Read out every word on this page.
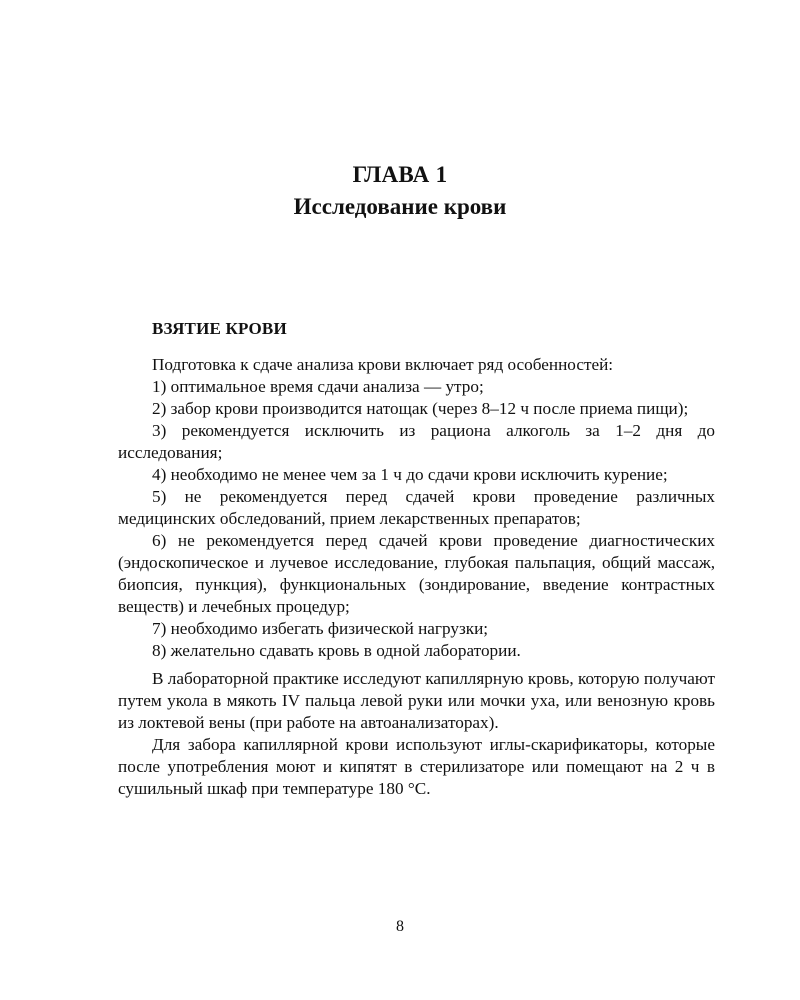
ГЛАВА 1
Исследование крови
ВЗЯТИЕ КРОВИ

Подготовка к сдаче анализа крови включает ряд особенностей:

1) оптимальное время сдачи анализа — утро;

2) забор крови производится натощак (через 8–12 ч после приема пищи);

3) рекомендуется исключить из рациона алкоголь за 1–2 дня до исследования;

4) необходимо не менее чем за 1 ч до сдачи крови исключить курение;

5) не рекомендуется перед сдачей крови проведение различных медицинских обследований, прием лекарственных препаратов;

6) не рекомендуется перед сдачей крови проведение диагностических (эндоскопическое и лучевое исследование, глубокая пальпация, общий массаж, биопсия, пункция), функциональных (зондирование, введение контрастных веществ) и лечебных процедур;

7) необходимо избегать физической нагрузки;

8) желательно сдавать кровь в одной лаборатории.

В лабораторной практике исследуют капиллярную кровь, которую получают путем укола в мякоть IV пальца левой руки или мочки уха, или венозную кровь из локтевой вены (при работе на автоанализаторах).

Для забора капиллярной крови используют иглы-скарификаторы, которые после употребления моют и кипятят в стерилизаторе или помещают на 2 ч в сушильный шкаф при температуре 180 °С.

8
